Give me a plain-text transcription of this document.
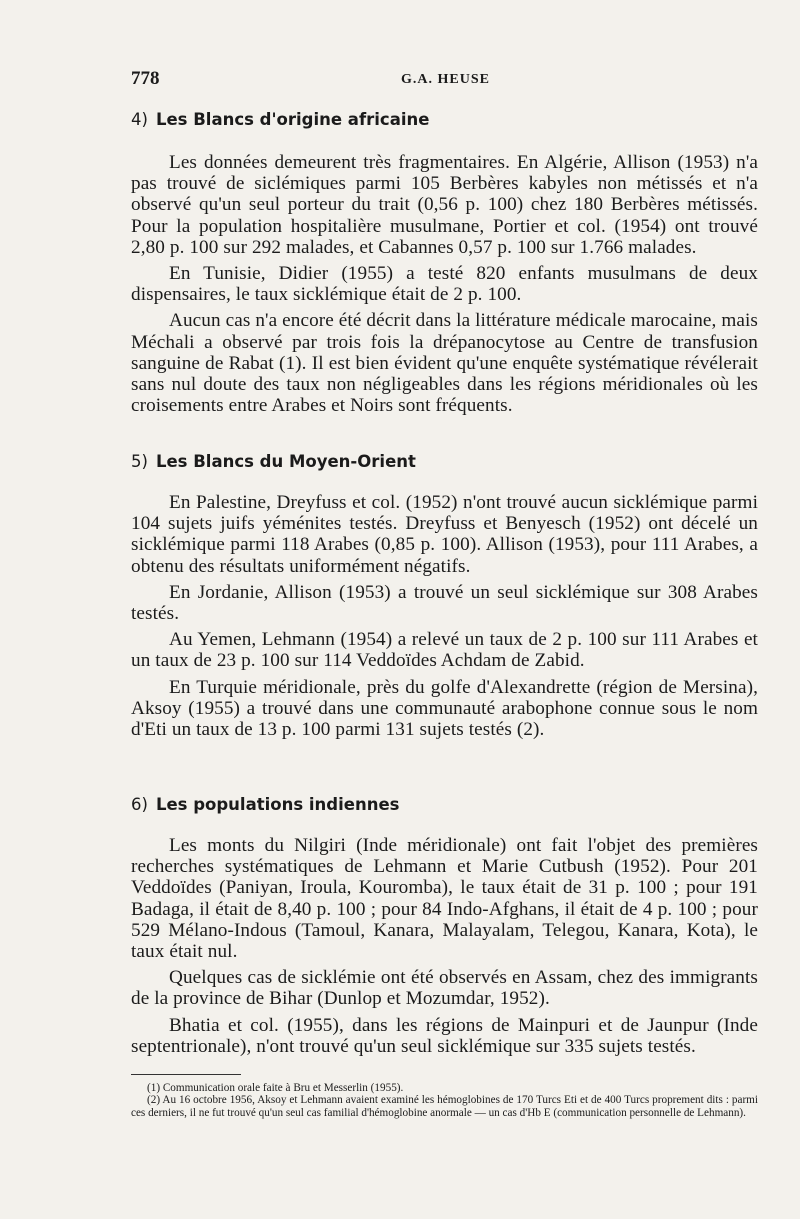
778	G.A. HEUSE
4) Les Blancs d'origine africaine

Les données demeurent très fragmentaires. En Algérie, Allison (1953) n'a pas trouvé de siclémiques parmi 105 Berbères kabyles non métissés et n'a observé qu'un seul porteur du trait (0,56 p. 100) chez 180 Berbères métissés. Pour la population hospitalière musulmane, Portier et col. (1954) ont trouvé 2,80 p. 100 sur 292 malades, et Cabannes 0,57 p. 100 sur 1.766 malades.

En Tunisie, Didier (1955) a testé 820 enfants musulmans de deux dispensaires, le taux sicklémique était de 2 p. 100.

Aucun cas n'a encore été décrit dans la littérature médicale marocaine, mais Méchali a observé par trois fois la drépanocytose au Centre de transfusion sanguine de Rabat (1). Il est bien évident qu'une enquête systématique révélerait sans nul doute des taux non négligeables dans les régions méridionales où les croisements entre Arabes et Noirs sont fréquents.

5) Les Blancs du Moyen-Orient

En Palestine, Dreyfuss et col. (1952) n'ont trouvé aucun sicklémique parmi 104 sujets juifs yéménites testés. Dreyfuss et Benyesch (1952) ont décelé un sicklémique parmi 118 Arabes (0,85 p. 100). Allison (1953), pour 111 Arabes, a obtenu des résultats uniformément négatifs.

En Jordanie, Allison (1953) a trouvé un seul sicklémique sur 308 Arabes testés.

Au Yemen, Lehmann (1954) a relevé un taux de 2 p. 100 sur 111 Arabes et un taux de 23 p. 100 sur 114 Veddoïdes Achdam de Zabid.

En Turquie méridionale, près du golfe d'Alexandrette (région de Mersina), Aksoy (1955) a trouvé dans une communauté arabophone connue sous le nom d'Eti un taux de 13 p. 100 parmi 131 sujets testés (2).

6) Les populations indiennes

Les monts du Nilgiri (Inde méridionale) ont fait l'objet des premières recherches systématiques de Lehmann et Marie Cutbush (1952). Pour 201 Veddoïdes (Paniyan, Iroula, Kouromba), le taux était de 31 p. 100 ; pour 191 Badaga, il était de 8,40 p. 100 ; pour 84 Indo-Afghans, il était de 4 p. 100 ; pour 529 Mélano-Indous (Tamoul, Kanara, Malayalam, Telegou, Kanara, Kota), le taux était nul.

Quelques cas de sicklémie ont été observés en Assam, chez des immigrants de la province de Bihar (Dunlop et Mozumdar, 1952).

Bhatia et col. (1955), dans les régions de Mainpuri et de Jaunpur (Inde septentrionale), n'ont trouvé qu'un seul sicklémique sur 335 sujets testés.

(1) Communication orale faite à Bru et Messerlin (1955).

(2) Au 16 octobre 1956, Aksoy et Lehmann avaient examiné les hémoglobines de 170 Turcs Eti et de 400 Turcs proprement dits : parmi ces derniers, il ne fut trouvé qu'un seul cas familial d'hémoglobine anormale — un cas d'Hb E (communication personnelle de Lehmann).
